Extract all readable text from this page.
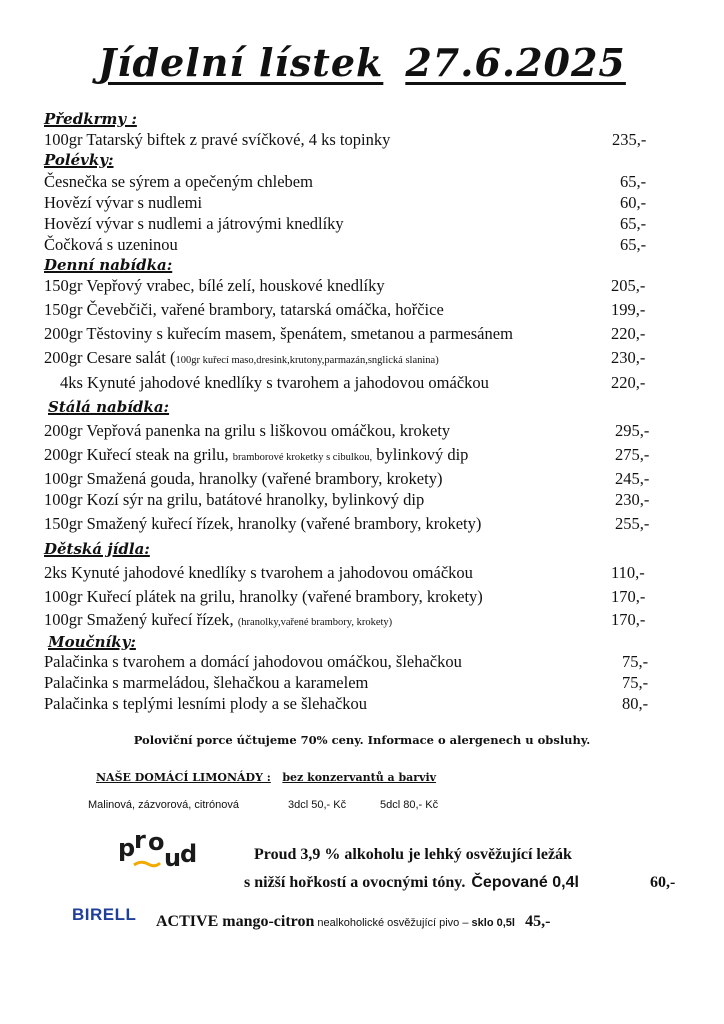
Jídelní lístek 27.6.2025
Předkrmy :
100gr Tatarský biftek z pravé svíčkové, 4 ks topinky	235,-
Polévky:
Česnečka se sýrem a opečeným chlebem	65,-
Hovězí vývar s nudlemi	60,-
Hovězí vývar s nudlemi a játrovými knedlíky	65,-
Čočková s uzeninou	65,-
Denní nabídka:
150gr Vepřový vrabec, bílé zelí, houskové knedlíky	205,-
150gr Čevebčiči, vařené brambory, tatarská omáčka, hořčice	199,-
200gr Těstoviny s kuřecím masem, špenátem, smetanou a parmesánem	220,-
200gr Cesare salát (100gr kuřecí maso,dresink,krutony,parmazán,snglická slanina)	230,-
4ks Kynuté jahodové knedlíky s tvarohem a jahodovou omáčkou	220,-
Stálá nabídka:
200gr Vepřová panenka na grilu s liškovou omáčkou, krokety	295,-
200gr Kuřecí steak na grilu, bramborové kroketky s cibulkou, bylinkový dip	275,-
100gr Smažená gouda, hranolky (vařené brambory, krokety)	245,-
100gr Kozí sýr na grilu, batátové hranolky, bylinkový dip	230,-
150gr Smažený kuřecí řízek, hranolky (vařené brambory, krokety)	255,-
Dětská jídla:
2ks Kynuté jahodové knedlíky s tvarohem a jahodovou omáčkou	110,-
100gr Kuřecí plátek na grilu, hranolky (vařené brambory, krokety)	170,-
100gr Smažený kuřecí řízek, (hranolky,vařené brambory, krokety)	170,-
Moučníky:
Palačinka s tvarohem a domácí jahodovou omáčkou, šlehačkou	75,-
Palačinka s marmeládou, šlehačkou a karamelem	75,-
Palačinka s teplými lesními plody a se šlehačkou	80,-
Poloviční porce účtujeme 70% ceny. Informace o alergenech u obsluhy.
NAŠE DOMÁCÍ LIMONÁDY : bez konzervantů a barviv
Malinová, zázvorová, citrónová	3dcl 50,- Kč	5dcl 80,- Kč
p
r o
u
d	Proud 3,9 % alkoholu je lehký osvěžující ležák
s nižší hořkostí a ovocnými tóny. Čepované 0,4l	60,-
BIRELL ACTIVE mango-citron nealkoholické osvěžující pivo – sklo 0,5l 45,-
